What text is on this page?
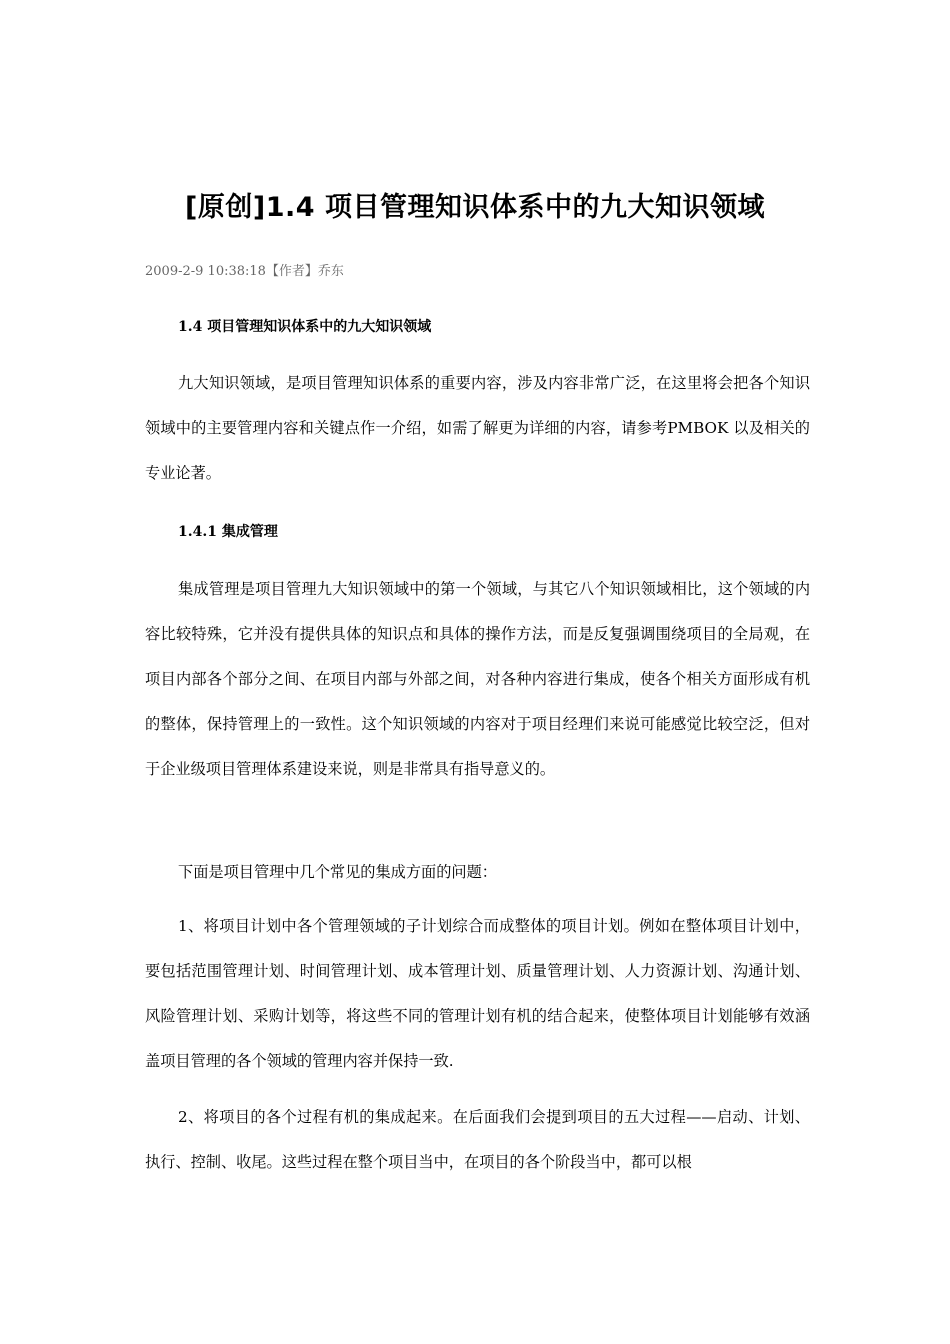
[原创]1.4 项目管理知识体系中的九大知识领域

2009-2-9 10:38:18【作者】乔东

1.4 项目管理知识体系中的九大知识领域

九大知识领域，是项目管理知识体系的重要内容，涉及内容非常广泛，在这里将会把各个知识领域中的主要管理内容和关键点作一介绍，如需了解更为详细的内容，请参考PMBOK 以及相关的专业论著。

1.4.1 集成管理

集成管理是项目管理九大知识领域中的第一个领域，与其它八个知识领域相比，这个领域的内容比较特殊，它并没有提供具体的知识点和具体的操作方法，而是反复强调围绕项目的全局观，在项目内部各个部分之间、在项目内部与外部之间，对各种内容进行集成，使各个相关方面形成有机的整体，保持管理上的一致性。这个知识领域的内容对于项目经理们来说可能感觉比较空泛，但对于企业级项目管理体系建设来说，则是非常具有指导意义的。

下面是项目管理中几个常见的集成方面的问题：

1、将项目计划中各个管理领域的子计划综合而成整体的项目计划。例如在整体项目计划中，要包括范围管理计划、时间管理计划、成本管理计划、质量管理计划、人力资源计划、沟通计划、风险管理计划、采购计划等，将这些不同的管理计划有机的结合起来，使整体项目计划能够有效涵盖项目管理的各个领域的管理内容并保持一致.

2、将项目的各个过程有机的集成起来。在后面我们会提到项目的五大过程——启动、计划、执行、控制、收尾。这些过程在整个项目当中，在项目的各个阶段当中，都可以根
